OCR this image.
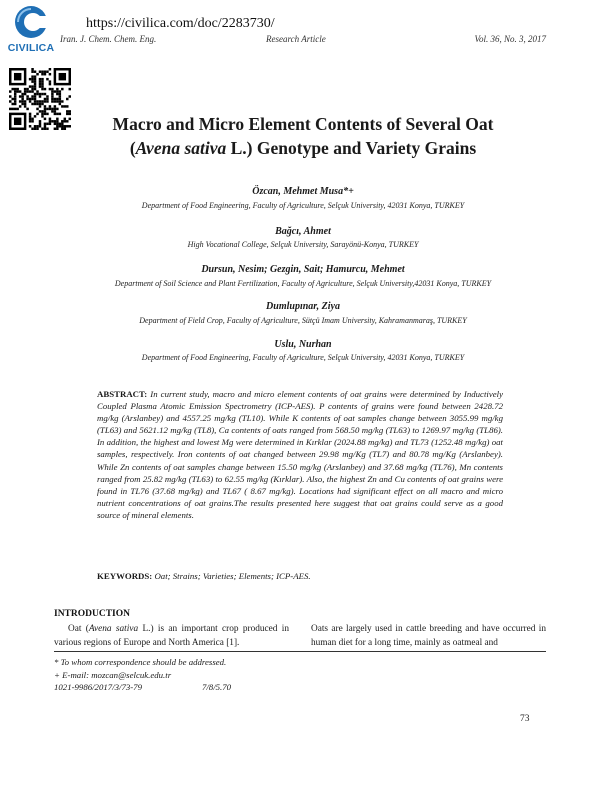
CIVILICA
https://civilica.com/doc/2283730/
Iran. J. Chem. Chem. Eng.	Research Article	Vol. 36, No. 3, 2017
Macro and Micro Element Contents of Several Oat
(Avena sativa L.) Genotype and Variety Grains
Özcan, Mehmet Musa*+
Department of Food Engineering, Faculty of Agriculture, Selçuk University, 42031 Konya, TURKEY
Bağcı, Ahmet
High Vocational College, Selçuk University, Sarayönü-Konya, TURKEY
Dursun, Nesim; Gezgin, Sait; Hamurcu, Mehmet
Department of Soil Science and Plant Fertilization, Faculty of Agriculture, Selçuk University,42031 Konya, TURKEY
Dumlupınar, Ziya
Department of Field Crop, Faculty of Agriculture, Sütçü Imam University, Kahramanmaraş, TURKEY
Uslu, Nurhan
Department of Food Engineering, Faculty of Agriculture, Selçuk University, 42031 Konya, TURKEY
ABSTRACT: In current study, macro and micro element contents of oat grains were determined by Inductively Coupled Plasma Atomic Emission Spectrometry (ICP-AES). P contents of grains were found between 2428.72 mg/kg (Arslanbey) and 4557.25 mg/kg (TL10). While K contents of oat samples change between 3055.99 mg/kg (TL63) and 5621.12 mg/kg (TL8), Ca contents of oats ranged from 568.50 mg/kg (TL63) to 1269.97 mg/kg (TL86). In addition, the highest and lowest Mg were determined in Kırklar (2024.88 mg/kg) and TL73 (1252.48 mg/kg) oat samples, respectively. Iron contents of oat changed between 29.98 mg/Kg (TL7) and 80.78 mg/Kg (Arslanbey). While Zn contents of oat samples change between 15.50 mg/kg (Arslanbey) and 37.68 mg/kg (TL76), Mn contents ranged from 25.82 mg/kg (TL63) to 62.55 mg/kg (Kırklar). Also, the highest Zn and Cu contents of oat grains were found in TL76 (37.68 mg/kg) and TL67 ( 8.67 mg/kg). Locations had significant effect on all macro and micro nutrient concentrations of oat grains.The results presented here suggest that oat grains could serve as a good source of mineral elements.
KEYWORDS: Oat; Strains; Varieties; Elements; ICP-AES.
INTRODUCTION
Oat (Avena sativa L.) is an important crop produced in various regions of Europe and North America [1].
Oats are largely used in cattle breeding and have occurred in human diet for a long time, mainly as oatmeal and
* To whom correspondence should be addressed.
+ E-mail: mozcan@selcuk.edu.tr
1021-9986/2017/3/73-79	7/8/5.70
73
